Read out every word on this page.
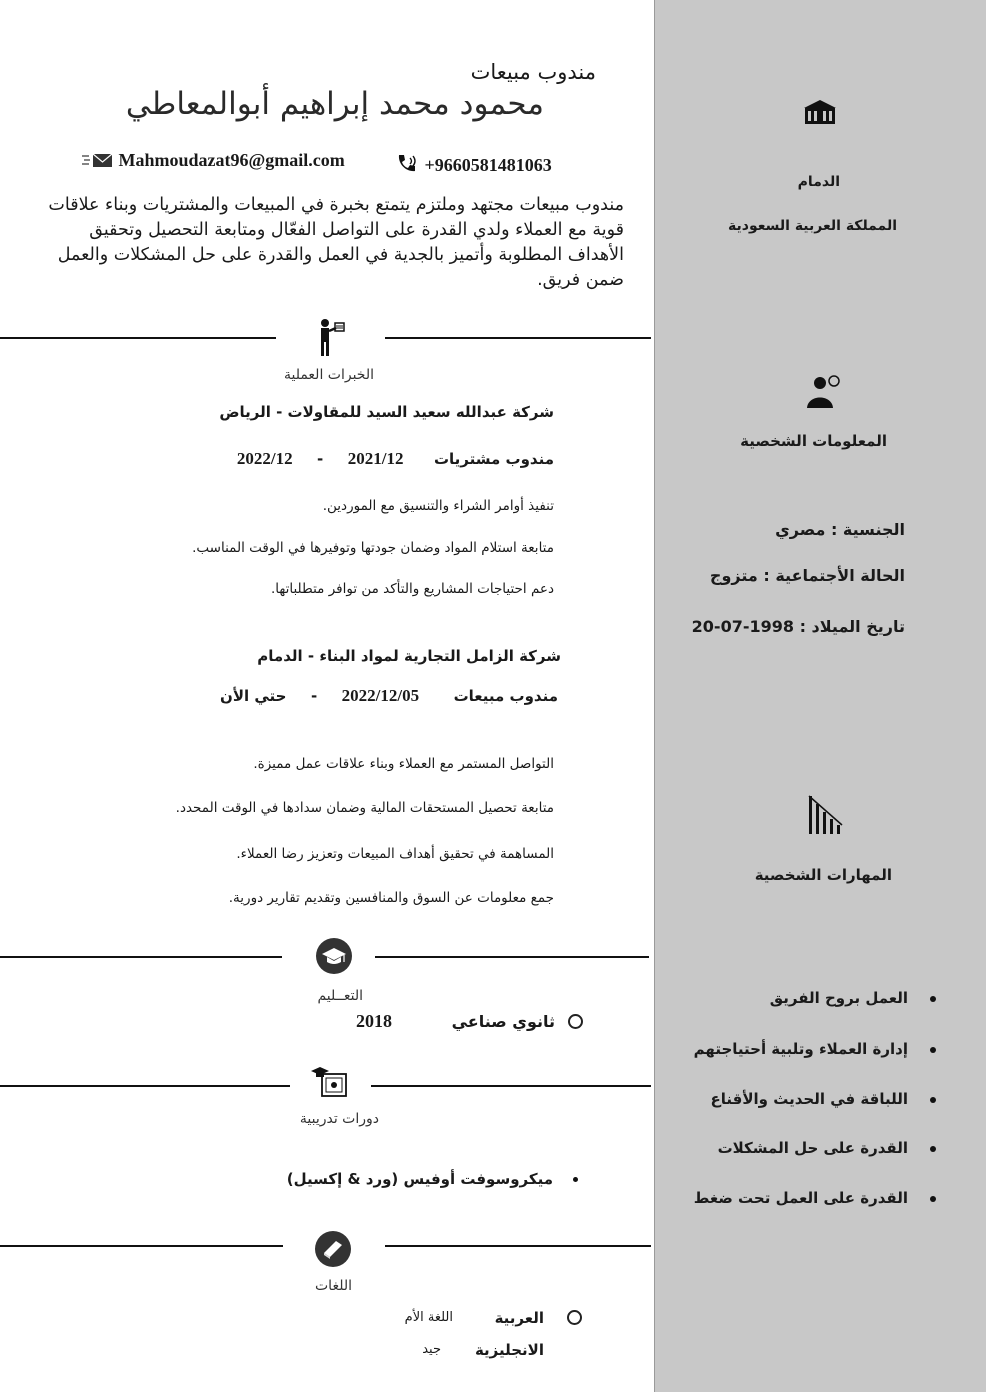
الدمام
المملكة العربية السعودية
المعلومات الشخصية
الجنسية : مصري
الحالة الأجتماعية : متزوج
تاريخ الميلاد : 1998-07-20
المهارات الشخصية
العمل بروح الفريق
إدارة العملاء وتلبية أحتياجتهم
اللباقة في الحديث والأقناع
القدرة على حل المشكلات
القدرة على العمل تحت ضغط
مندوب مبيعات
محمود محمد إبراهيم أبوالمعاطي
Mahmoudazat96@gmail.com	+9660581481063
مندوب مبيعات مجتهد وملتزم يتمتع بخبرة في المبيعات والمشتريات وبناء علاقات
قوية مع العملاء ولدي القدرة على التواصل الفعّال ومتابعة التحصيل وتحقيق
الأهداف المطلوبة وأتميز بالجدية في العمل والقدرة على حل المشكلات والعمل
ضمن فريق.
الخبرات العملية
شركة عبدالله سعيد السيد للمقاولات - الرياض
مندوب مشتريات  2021/12  -  2022/12
تنفيذ أوامر الشراء والتنسيق مع الموردين.
متابعة استلام المواد وضمان جودتها وتوفيرها في الوقت المناسب.
دعم احتياجات المشاريع والتأكد من توافر متطلباتها.
شركة الزامل التجارية لمواد البناء - الدمام
مندوب مبيعات  2022/12/05  -  حتي الأن
التواصل المستمر مع العملاء وبناء علاقات عمل مميزة.
متابعة تحصيل المستحقات المالية وضمان سدادها في الوقت المحدد.
المساهمة في تحقيق أهداف المبيعات وتعزيز رضا العملاء.
جمع معلومات عن السوق والمنافسين وتقديم تقارير دورية.
التعــليم
ثانوي صناعي
2018
دورات تدريبية
ميكروسوفت أوفيس (ورد & إكسيل)
اللغات
العربية
اللغة الأم
الانجليزية
جيد
